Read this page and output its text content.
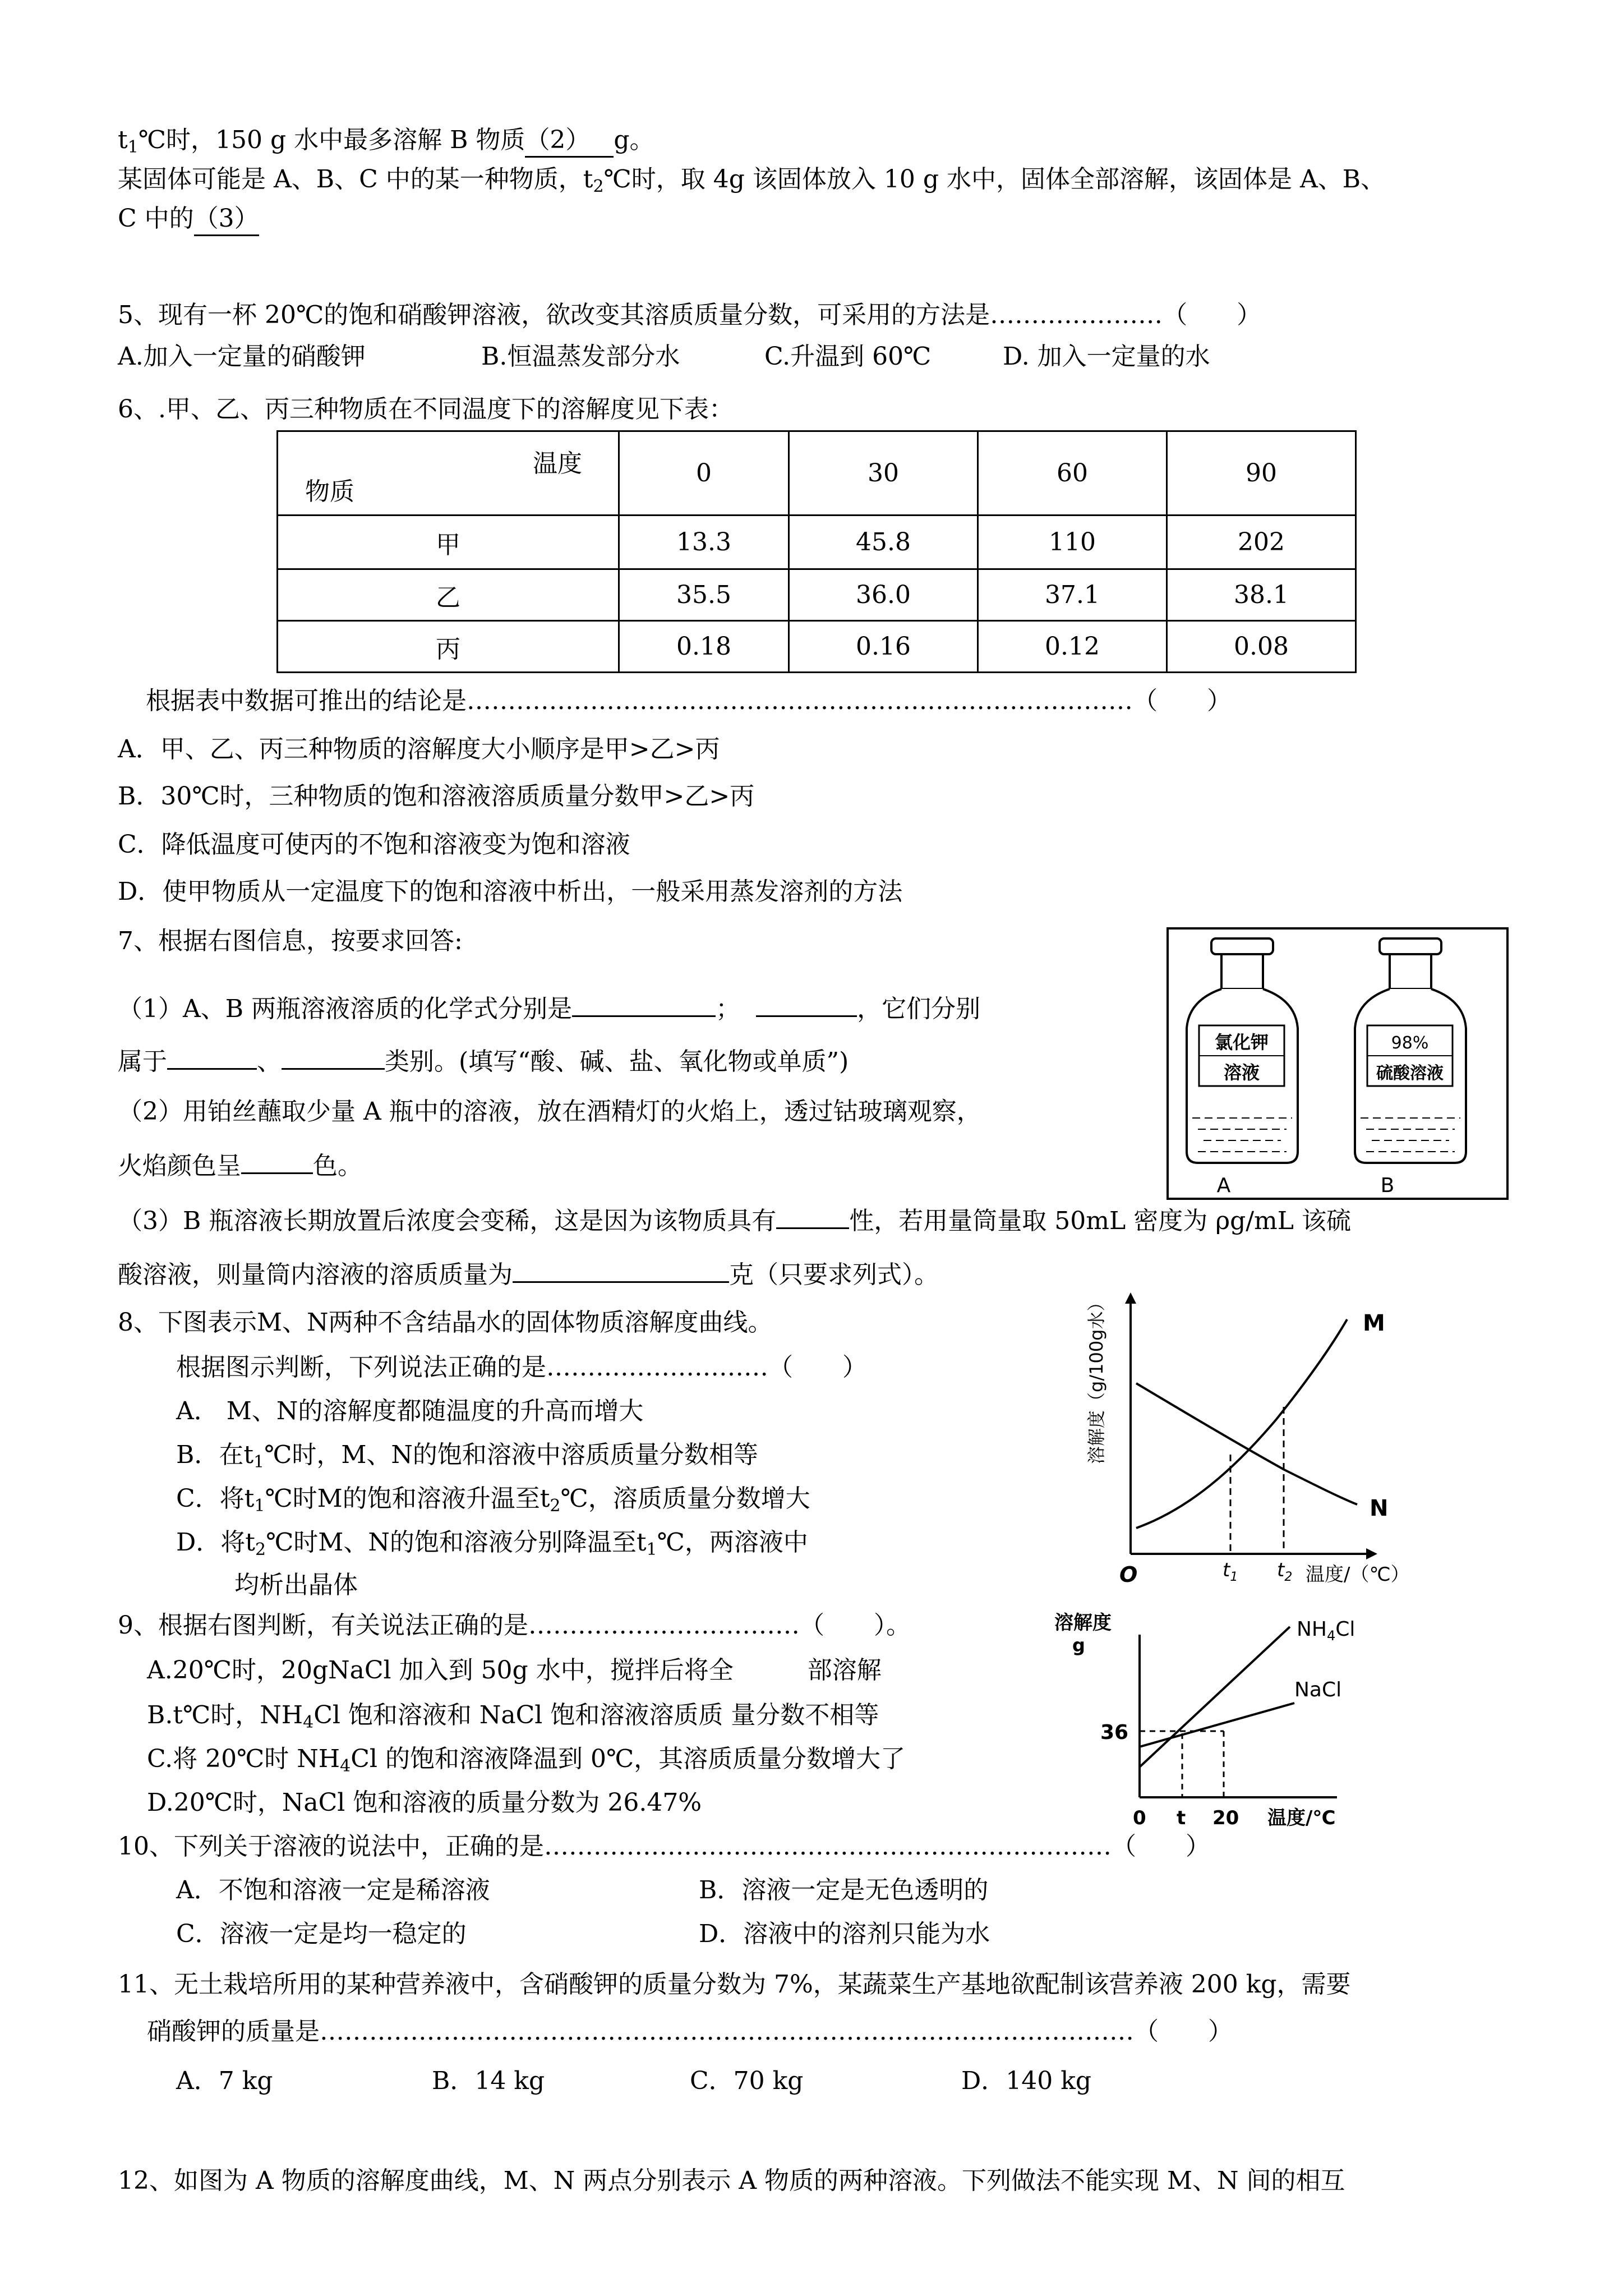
$t_1℃$时，150 g 水中最多溶解 B 物质（2） g。
某固体可能是 A、B、C 中的某一种物质，$t_2℃$时，取 4g 该固体放入 10 g 水中，固体全部溶解，该固体是 A、B、
C 中的（3）
5、现有一杯 20℃的饱和硝酸钾溶液，欲改变其溶质质量分数，可采用的方法是…………………（　　）
A.加入一定量的硝酸钾	B.恒温蒸发部分水	C.升温到 60℃	D. 加入一定量的水
6、.甲、乙、丙三种物质在不同温度下的溶解度见下表：
温度
物质	0	30	60	90
甲	13.3	45.8	110	202
乙	35.5	36.0	37.1	38.1
丙	0.18	0.16	0.12	0.08
根据表中数据可推出的结论是………………………………………………………………………（　　）
A．甲、乙、丙三种物质的溶解度大小顺序是甲>乙>丙
B．30℃时，三种物质的饱和溶液溶质质量分数甲>乙>丙
C．降低温度可使丙的不饱和溶液变为饱和溶液
D．使甲物质从一定温度下的饱和溶液中析出，一般采用蒸发溶剂的方法
7、根据右图信息，按要求回答:
（1）A、B 两瓶溶液溶质的化学式分别是	；	，它们分别
属于	、	类别。(填写“酸、碱、盐、氧化物或单质”)
（2）用铂丝蘸取少量 A 瓶中的溶液，放在酒精灯的火焰上，透过钴玻璃观察，
火焰颜色呈	色。
（3）B 瓶溶液长期放置后浓度会变稀，这是因为该物质具有	性，若用量筒量取 50mL 密度为 ρg/mL 该硫
酸溶液，则量筒内溶液的溶质质量为	克（只要求列式）。
氯化钾
溶液
98%
硫酸溶液
A	B
8、下图表示M、N两种不含结晶水的固体物质溶解度曲线。
根据图示判断，下列说法正确的是………………………（　　）
A． M、N的溶解度都随温度的升高而增大
B．在$t_1℃$时，M、N的饱和溶液中溶质质量分数相等
C．将$t_1℃$时M的饱和溶液升温至$t_2℃$，溶质质量分数增大
D．将$t_2℃$时M、N的饱和溶液分别降温至$t_1℃$，两溶液中
均析出晶体
溶解度（g/100g水）
O	$t_1$ $t_2$ 温度/（℃）
M
N
9、根据右图判断，有关说法正确的是……………………………（　　）。
A.20℃时，20gNaCl 加入到 50g 水中，搅拌后将全　　　部溶解
B.t℃时，$NH_4Cl$ 饱和溶液和 NaCl 饱和溶液溶质质 量分数不相等
C.将 20℃时 $NH_4Cl$ 的饱和溶液降温到 0℃，其溶质质量分数增大了
D.20℃时，NaCl 饱和溶液的质量分数为 26.47%
溶解度
g
$NH_4Cl$
NaCl
36
0 t 20 温度/℃
10、下列关于溶液的说法中，正确的是……………………………………………………………（　　）
A．不饱和溶液一定是稀溶液	B．溶液一定是无色透明的
C．溶液一定是均一稳定的	D．溶液中的溶剂只能为水
11、无土栽培所用的某种营养液中，含硝酸钾的质量分数为 7%，某蔬菜生产基地欲配制该营养液 200 kg，需要
硝酸钾的质量是………………………………………………………………………………………（　　）
A．7 kg	B．14 kg	C．70 kg	D．140 kg
12、如图为 A 物质的溶解度曲线，M、N 两点分别表示 A 物质的两种溶液。下列做法不能实现 M、N 间的相互
